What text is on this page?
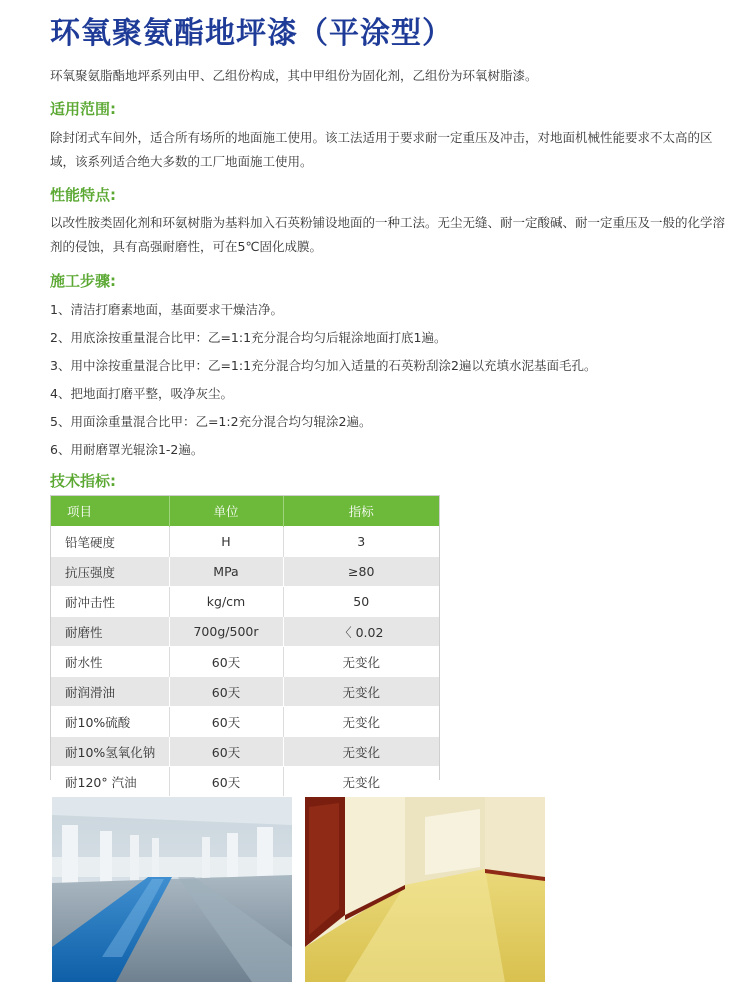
环氧聚氨酯地坪漆（平涂型）
环氧聚氨脂酯地坪系列由甲、乙组份构成，其中甲组份为固化剂，乙组份为环氧树脂漆。
适用范围:
除封闭式车间外，适合所有场所的地面施工使用。该工法适用于要求耐一定重压及冲击，对地面机械性能要求不太高的区域，该系列适合绝大多数的工厂地面施工使用。
性能特点:
以改性胺类固化剂和环氨树脂为基料加入石英粉铺设地面的一种工法。无尘无缝、耐一定酸碱、耐一定重压及一般的化学溶剂的侵蚀，具有高强耐磨性，可在5℃固化成膜。
施工步骤:
1、清洁打磨素地面，基面要求干燥洁净。
2、用底涂按重量混合比甲：乙=1:1充分混合均匀后辊涂地面打底1遍。
3、用中涂按重量混合比甲：乙=1:1充分混合均匀加入适量的石英粉刮涂2遍以充填水泥基面毛孔。
4、把地面打磨平整，吸净灰尘。
5、用面涂重量混合比甲：乙=1:2充分混合均匀辊涂2遍。
6、用耐磨罩光辊涂1-2遍。
技术指标:
项目	单位	指标
铅笔硬度	H	3
抗压强度	MPa	≥80
耐冲击性	kg/cm	50
耐磨性	700g/500r	〈 0.02
耐水性	60天	无变化
耐润滑油	60天	无变化
耐10%硫酸	60天	无变化
耐10%氢氧化钠	60天	无变化
耐120° 汽油	60天	无变化
